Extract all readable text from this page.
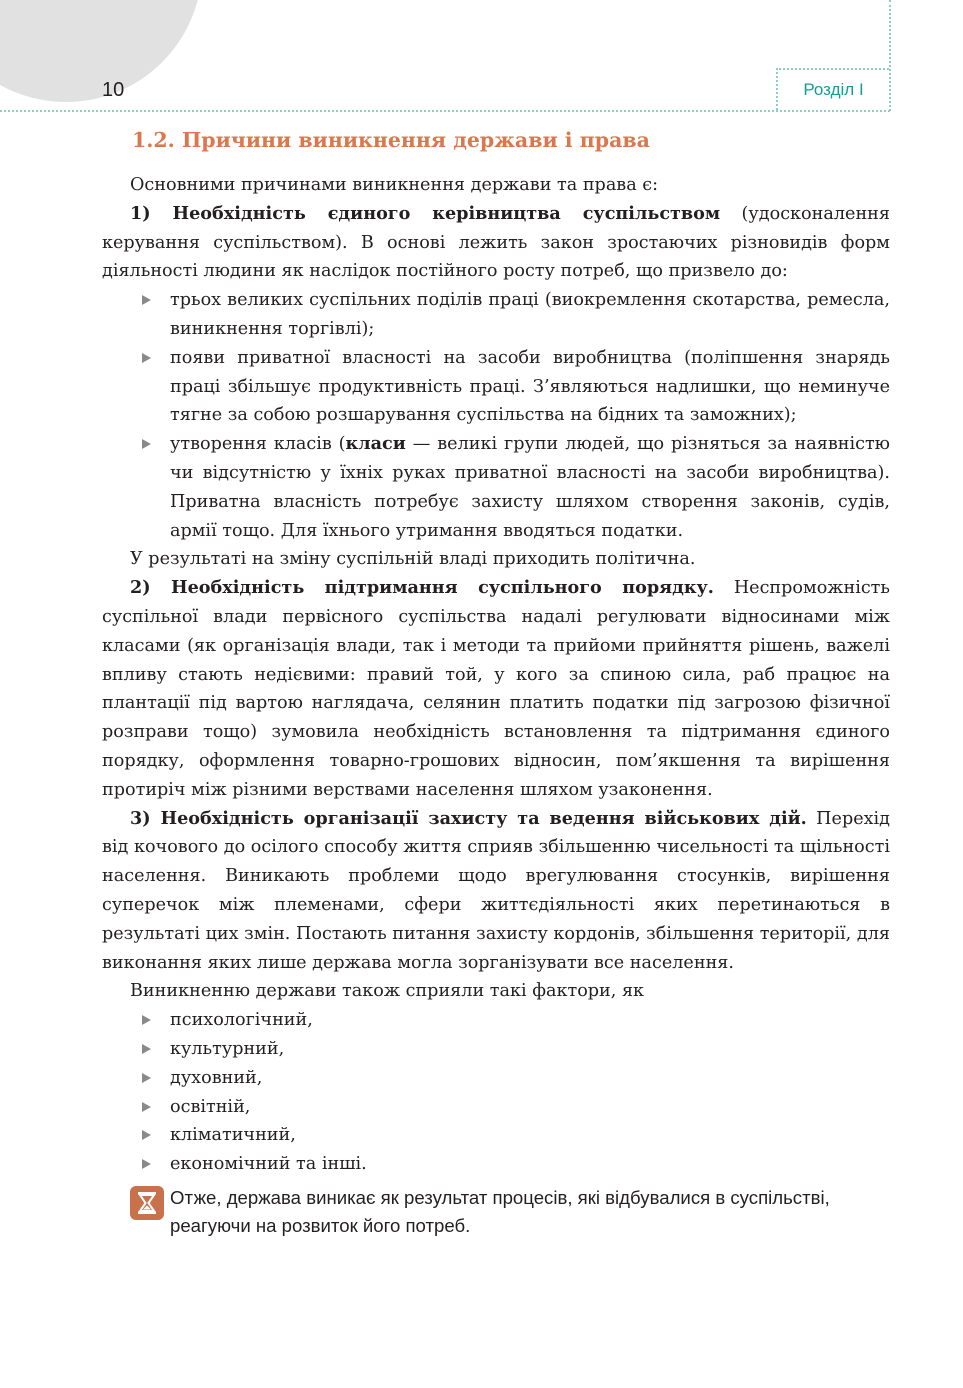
10	Розділ І
1.2. Причини виникнення держави і права

Основними причинами виникнення держави та права є:

1) Необхідність єдиного керівництва суспільством (удосконалення керування суспільством). В основі лежить закон зростаючих різновидів форм діяльності людини як наслідок постійного росту потреб, що призвело до:

трьох великих суспільних поділів праці (виокремлення скотарства, ремесла, виникнення торгівлі);
появи приватної власності на засоби виробництва (поліпшення знарядь праці збільшує продуктивність праці. З’являються надлишки, що неминуче тягне за собою розшарування суспільства на бідних та заможних);
утворення класів (класи — великі групи людей, що різняться за наявністю чи відсутністю у їхніх руках приватної власності на засоби виробництва). Приватна власність потребує захисту шляхом створення законів, судів, армії тощо. Для їхнього утримання вводяться податки.

У результаті на зміну суспільній владі приходить політична.

2) Необхідність підтримання суспільного порядку. Неспроможність суспільної влади первісного суспільства надалі регулювати відносинами між класами (як організація влади, так і методи та прийоми прийняття рішень, важелі впливу стають недієвими: правий той, у кого за спиною сила, раб працює на плантації під вартою наглядача, селянин платить податки під загрозою фізичної розправи тощо) зумовила необхідність встановлення та підтримання єдиного порядку, оформлення товарно-грошових відносин, пом’якшення та вирішення протиріч між різними верствами населення шляхом узаконення.

3) Необхідність організації захисту та ведення військових дій. Перехід від кочового до осілого способу життя сприяв збільшенню чисельності та щільності населення. Виникають проблеми щодо врегулювання стосунків, вирішення суперечок між племенами, сфери життєдіяльності яких перетинаються в результаті цих змін. Постають питання захисту кордонів, збільшення території, для виконання яких лише держава могла зорганізувати все населення.

Виникненню держави також сприяли такі фактори, як

психологічний,
культурний,
духовний,
освітній,
кліматичний,
економічний та інші.
Отже, держава виникає як результат процесів, які відбувалися в суспільстві, реагуючи на розвиток його потреб.
